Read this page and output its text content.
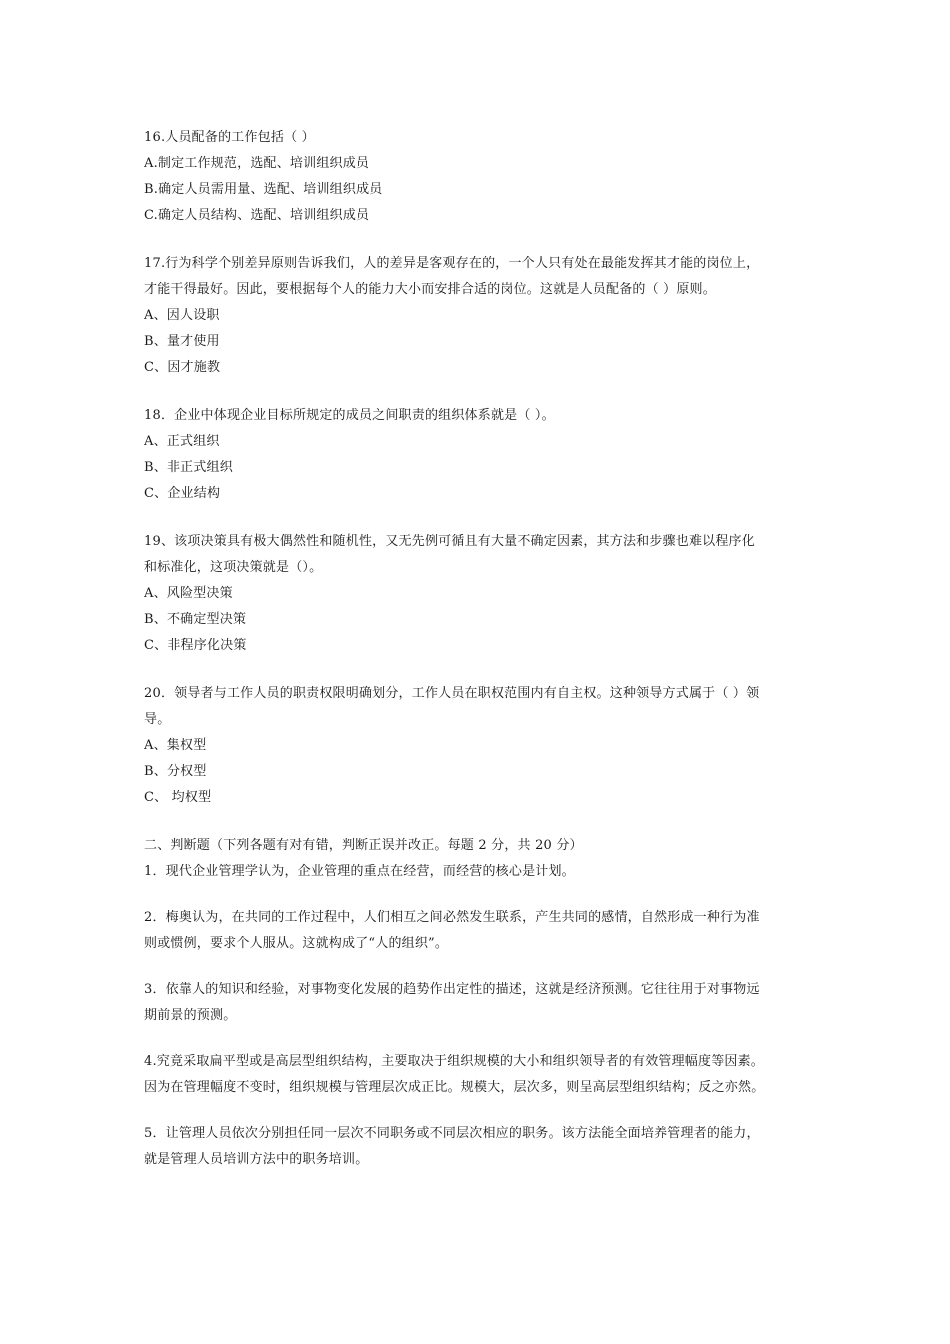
16.人员配备的工作包括（ ）
A.制定工作规范，选配、培训组织成员
B.确定人员需用量、选配、培训组织成员
C.确定人员结构、选配、培训组织成员
17.行为科学个别差异原则告诉我们，人的差异是客观存在的，一个人只有处在最能发挥其才能的岗位上，
才能干得最好。因此，要根据每个人的能力大小而安排合适的岗位。这就是人员配备的（ ）原则。
A、因人设职
B、量才使用
C、因才施教
18．企业中体现企业目标所规定的成员之间职责的组织体系就是（ ）。
A、正式组织
B、非正式组织
C、企业结构
19、该项决策具有极大偶然性和随机性，又无先例可循且有大量不确定因素，其方法和步骤也难以程序化
和标准化，这项决策就是（）。
A、风险型决策
B、不确定型决策
C、非程序化决策
20．领导者与工作人员的职责权限明确划分，工作人员在职权范围内有自主权。这种领导方式属于（ ）领
导。
A、集权型
B、分权型
C、 均权型
二、判断题（下列各题有对有错，判断正误并改正。每题 2 分，共 20 分）
1．现代企业管理学认为，企业管理的重点在经营，而经营的核心是计划。
2．梅奥认为，在共同的工作过程中，人们相互之间必然发生联系，产生共同的感情，自然形成一种行为准
则或惯例，要求个人服从。这就构成了“人的组织”。
3．依靠人的知识和经验，对事物变化发展的趋势作出定性的描述，这就是经济预测。它往往用于对事物远
期前景的预测。
4.究竟采取扁平型或是高层型组织结构，主要取决于组织规模的大小和组织领导者的有效管理幅度等因素。
因为在管理幅度不变时，组织规模与管理层次成正比。规模大，层次多，则呈高层型组织结构；反之亦然。
5．让管理人员依次分别担任同一层次不同职务或不同层次相应的职务。该方法能全面培养管理者的能力，
就是管理人员培训方法中的职务培训。
